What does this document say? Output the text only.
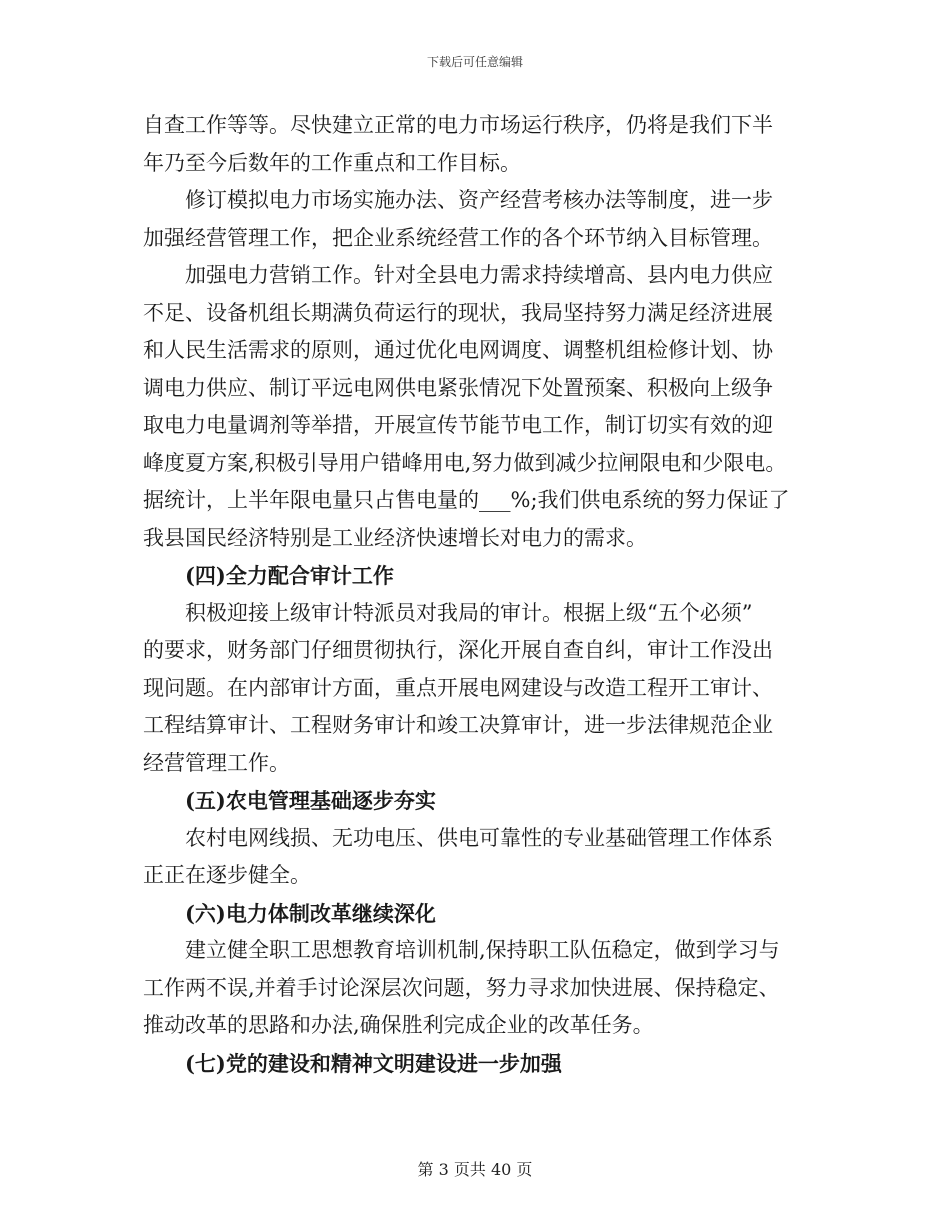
下载后可任意编辑
自查工作等等。尽快建立正常的电力市场运行秩序，仍将是我们下半
年乃至今后数年的工作重点和工作目标。
修订模拟电力市场实施办法、资产经营考核办法等制度，进一步
加强经营管理工作，把企业系统经营工作的各个环节纳入目标管理。
加强电力营销工作。针对全县电力需求持续增高、县内电力供应
不足、设备机组长期满负荷运行的现状，我局坚持努力满足经济进展
和人民生活需求的原则，通过优化电网调度、调整机组检修计划、协
调电力供应、制订平远电网供电紧张情况下处置预案、积极向上级争
取电力电量调剂等举措，开展宣传节能节电工作，制订切实有效的迎
峰度夏方案,积极引导用户错峰用电,努力做到减少拉闸限电和少限电。
据统计，上半年限电量只占售电量的___%;我们供电系统的努力保证了
我县国民经济特别是工业经济快速增长对电力的需求。
(四)全力配合审计工作
积极迎接上级审计特派员对我局的审计。根据上级“五个必须”
的要求，财务部门仔细贯彻执行，深化开展自查自纠，审计工作没出
现问题。在内部审计方面，重点开展电网建设与改造工程开工审计、
工程结算审计、工程财务审计和竣工决算审计，进一步法律规范企业
经营管理工作。
(五)农电管理基础逐步夯实
农村电网线损、无功电压、供电可靠性的专业基础管理工作体系
正正在逐步健全。
(六)电力体制改革继续深化
建立健全职工思想教育培训机制,保持职工队伍稳定，做到学习与
工作两不误,并着手讨论深层次问题，努力寻求加快进展、保持稳定、
推动改革的思路和办法,确保胜利完成企业的改革任务。
(七)党的建设和精神文明建设进一步加强
第 3 页共 40 页
